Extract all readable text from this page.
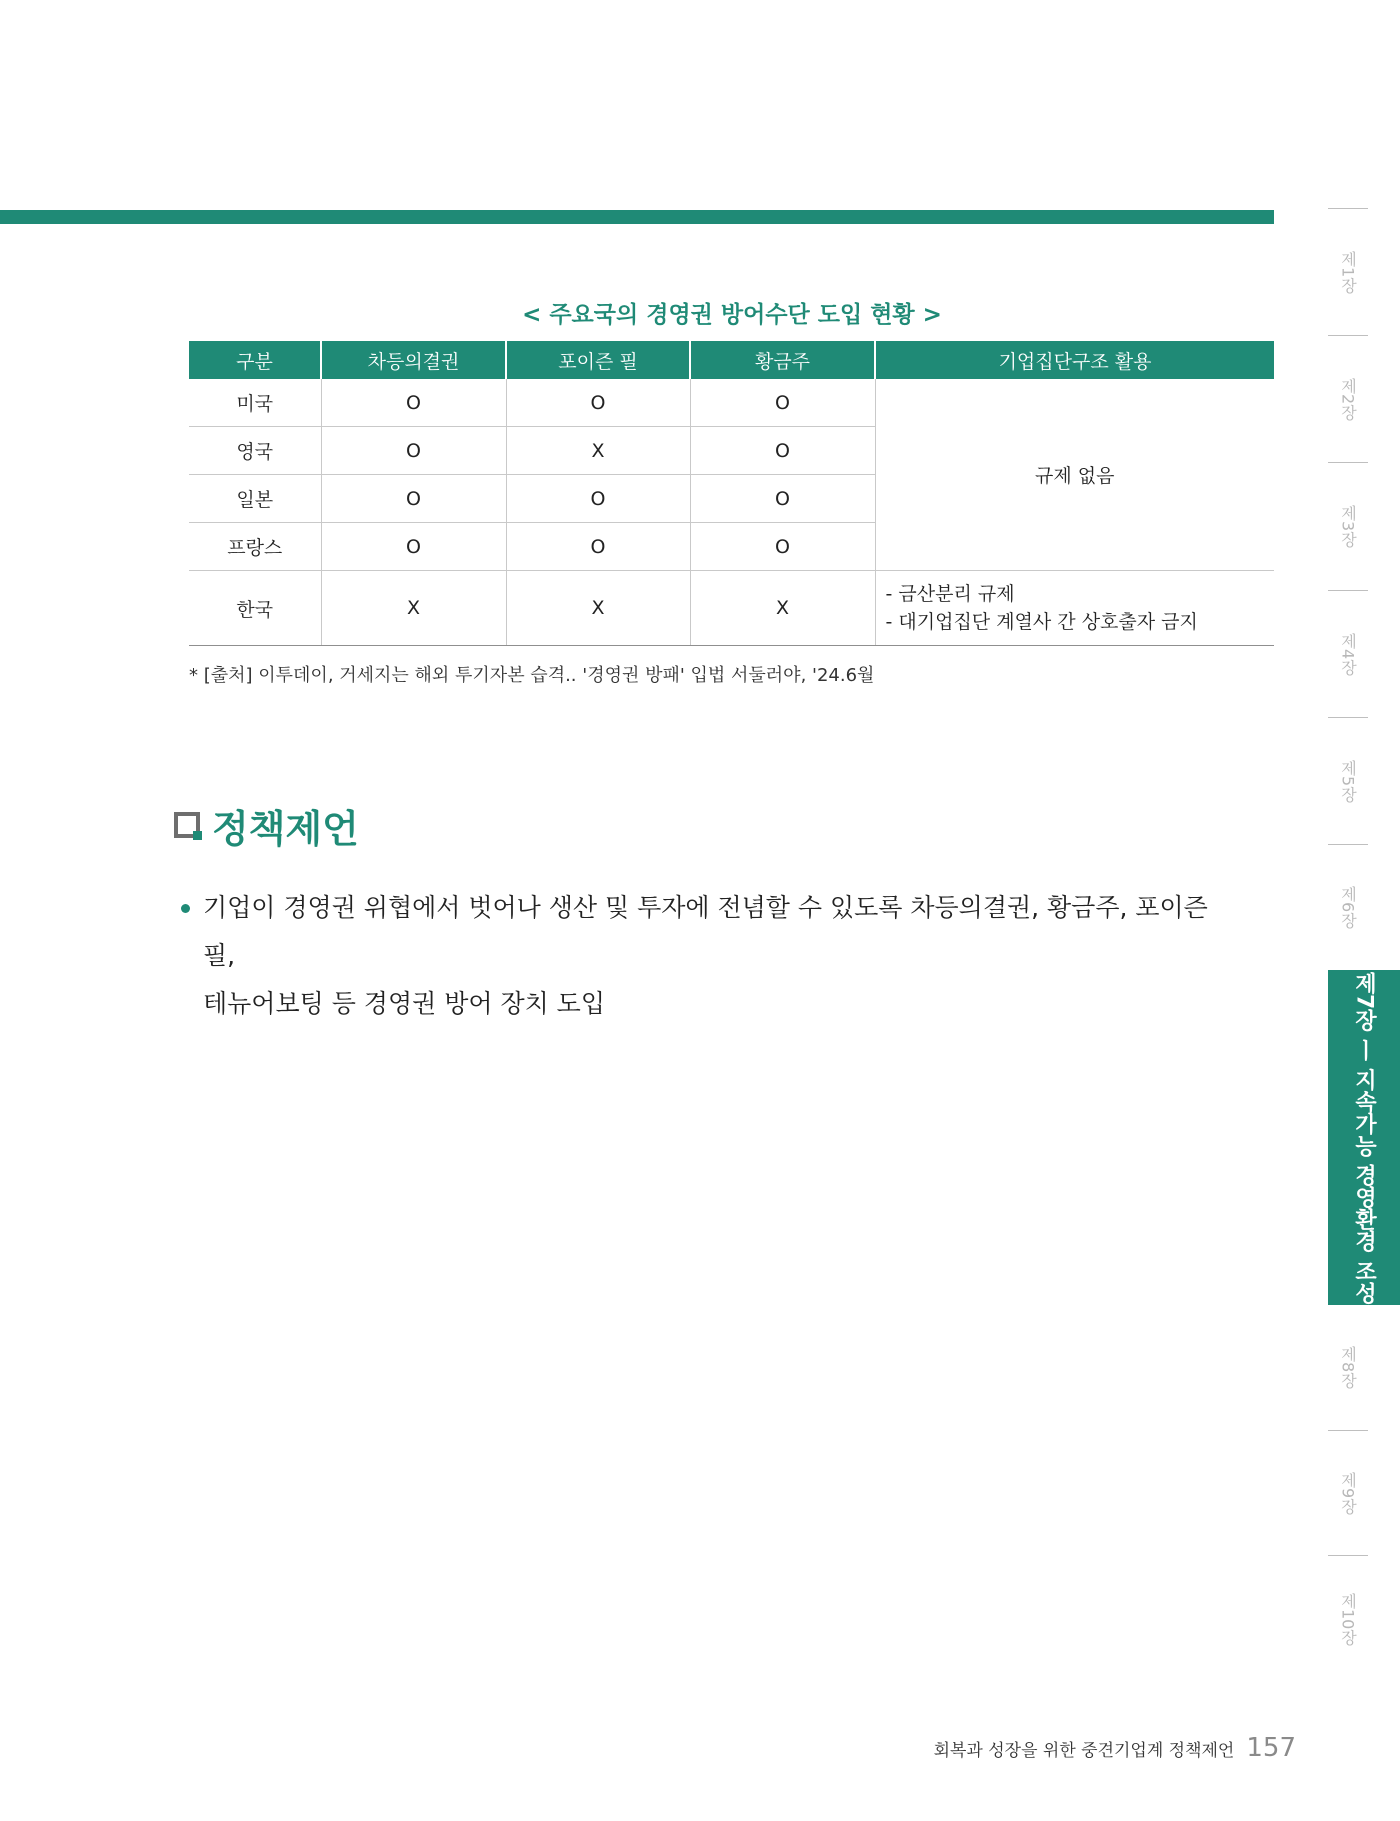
< 주요국의 경영권 방어수단 도입 현황 >
구분	차등의결권	포이즌 필	황금주	기업집단구조 활용
미국	O	O	O	규제 없음
영국	O	X	O	
일본	O	O	O	
프랑스	O	O	O	
한국	X	X	X	- 금산분리 규제
- 대기업집단 계열사 간 상호출자 금지
* [출처] 이투데이, 거세지는 해외 투기자본 습격.. '경영권 방패' 입법 서둘러야, '24.6월
정책제언
기업이 경영권 위협에서 벗어나 생산 및 투자에 전념할 수 있도록 차등의결권, 황금주, 포이즌 필,
테뉴어보팅 등 경영권 방어 장치 도입
제1장
제2장
제3장
제4장
제5장
제6장
제7장 ㅣ 지속가능 경영환경 조성
제8장
제9장
제10장
회복과 성장을 위한 중견기업계 정책제언 157
